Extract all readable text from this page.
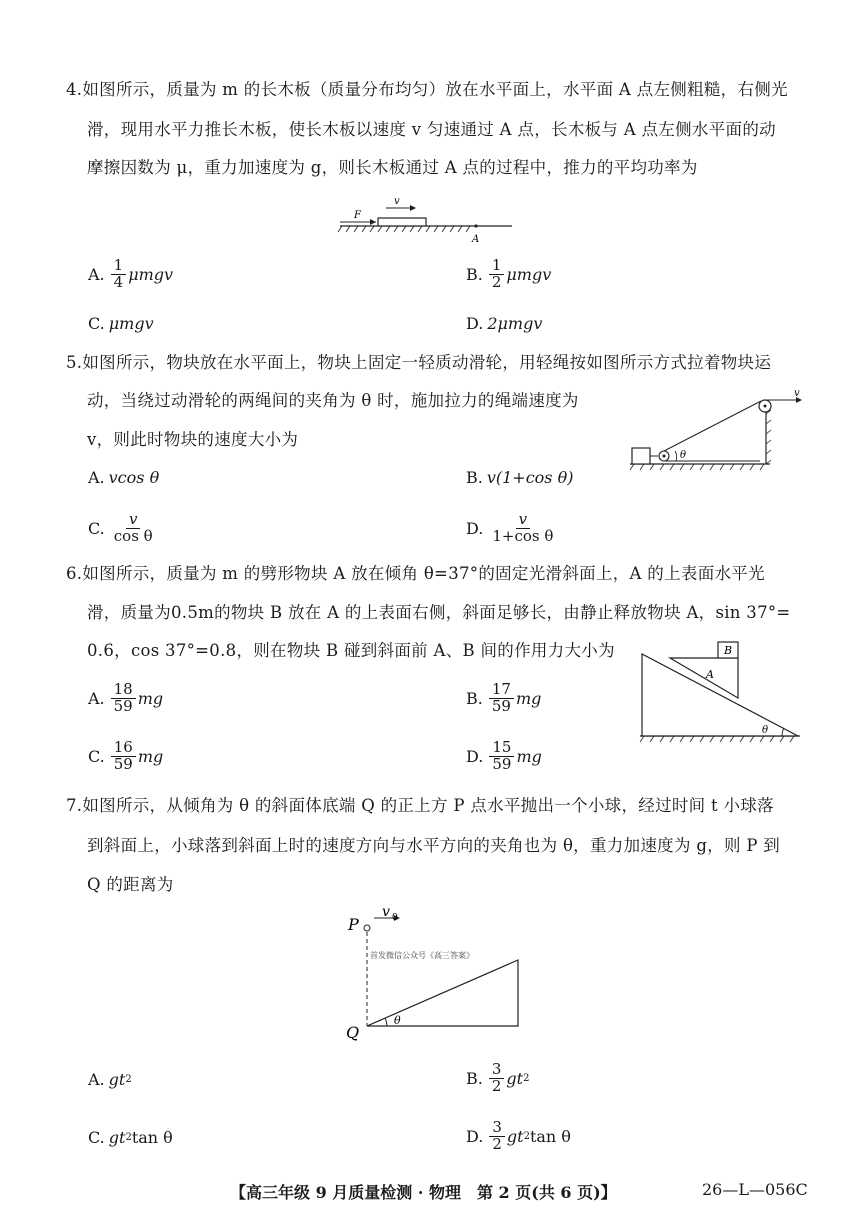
4.如图所示，质量为 m 的长木板（质量分布均匀）放在水平面上，水平面 A 点左侧粗糙，右侧光
滑，现用水平力推长木板，使长木板以速度 v 匀速通过 A 点，长木板与 A 点左侧水平面的动
摩擦因数为 μ，重力加速度为 g，则长木板通过 A 点的过程中，推力的平均功率为
F
v
A
A. $\frac{1}{4}$ μmgv	B. $\frac{1}{2}$ μmgv
C. μmgv	D. 2μmgv
5.如图所示，物块放在水平面上，物块上固定一轻质动滑轮，用轻绳按如图所示方式拉着物块运
动，当绕过动滑轮的两绳间的夹角为 θ 时，施加拉力的绳端速度为
v，则此时物块的速度大小为
v
θ
A. vcos θ	B. v(1+cos θ)
C. $\frac{v}{\text{cos θ}}$	D. $\frac{v}{\text{1+cos θ}}$
6.如图所示，质量为 m 的劈形物块 A 放在倾角 θ=37°的固定光滑斜面上，A 的上表面水平光
滑，质量为0.5m的物块 B 放在 A 的上表面右侧，斜面足够长，由静止释放物块 A，sin 37°=
0.6，cos 37°=0.8，则在物块 B 碰到斜面前 A、B 间的作用力大小为	B
A
θ
A. $\frac{18}{59}$ mg	B. $\frac{17}{59}$ mg
C. $\frac{16}{59}$ mg	D. $\frac{15}{59}$ mg
7.如图所示，从倾角为 θ 的斜面体底端 Q 的正上方 P 点水平抛出一个小球，经过时间 t 小球落
到斜面上，小球落到斜面上时的速度方向与水平方向的夹角也为 θ，重力加速度为 g，则 P 到
Q 的距离为
P
v 0
首发微信公众号《高三答案》
Q
θ
A. gt 2	B. $\frac{3}{2}$ gt 2
C. gt 2 tan θ	D. $\frac{3}{2}$ gt 2 tan θ
【高三年级 9 月质量检测 · 物理　第 2 页(共 6 页)】	26—L—056C
